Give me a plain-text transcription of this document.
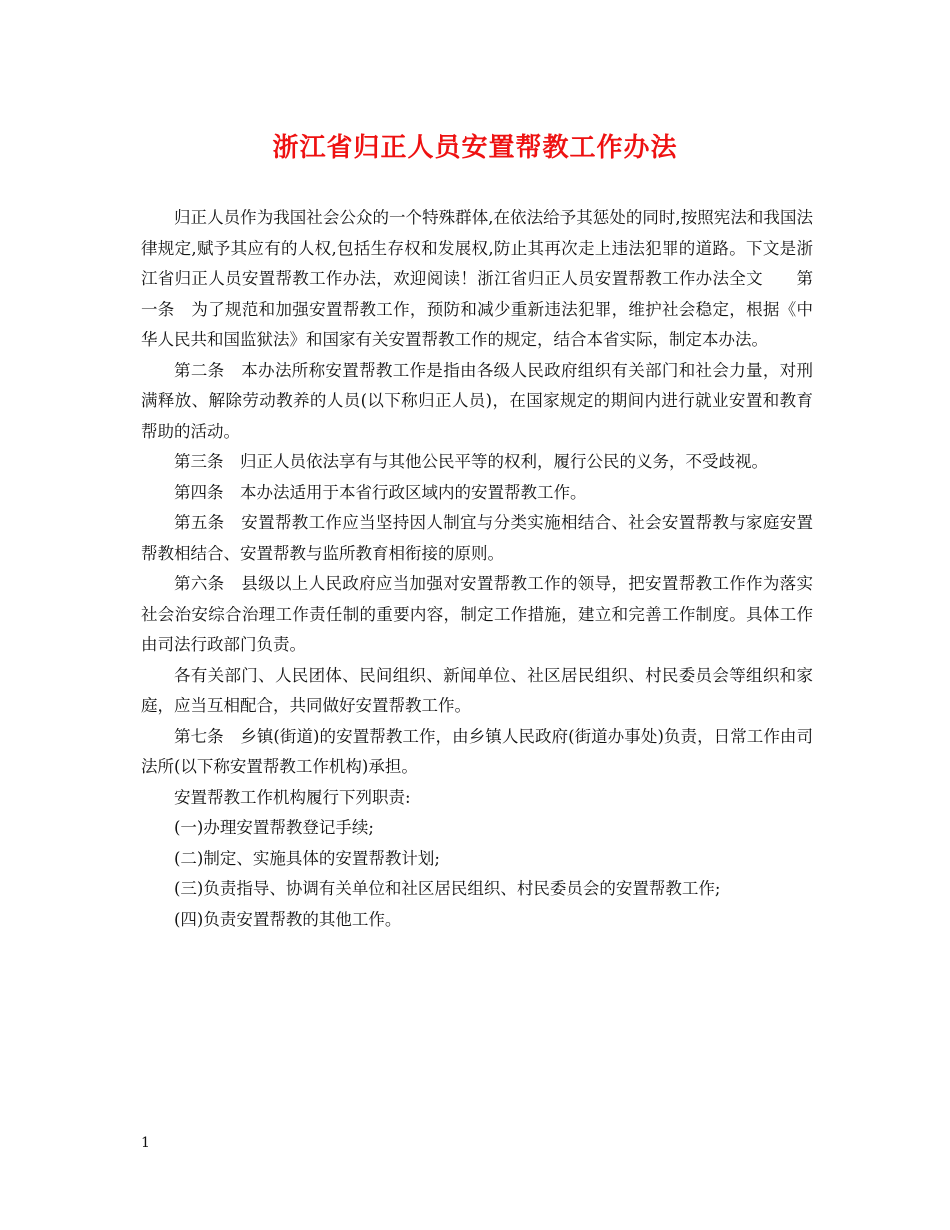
浙江省归正人员安置帮教工作办法

归正人员作为我国社会公众的一个特殊群体,在依法给予其惩处的同时,按照宪法和我国法律规定,赋予其应有的人权,包括生存权和发展权,防止其再次走上违法犯罪的道路。下文是浙江省归正人员安置帮教工作办法，欢迎阅读！浙江省归正人员安置帮教工作办法全文　　第一条　为了规范和加强安置帮教工作，预防和减少重新违法犯罪，维护社会稳定，根据《中华人民共和国监狱法》和国家有关安置帮教工作的规定，结合本省实际，制定本办法。

第二条　本办法所称安置帮教工作是指由各级人民政府组织有关部门和社会力量，对刑满释放、解除劳动教养的人员(以下称归正人员)，在国家规定的期间内进行就业安置和教育帮助的活动。

第三条　归正人员依法享有与其他公民平等的权利，履行公民的义务，不受歧视。

第四条　本办法适用于本省行政区域内的安置帮教工作。

第五条　安置帮教工作应当坚持因人制宜与分类实施相结合、社会安置帮教与家庭安置帮教相结合、安置帮教与监所教育相衔接的原则。

第六条　县级以上人民政府应当加强对安置帮教工作的领导，把安置帮教工作作为落实社会治安综合治理工作责任制的重要内容，制定工作措施，建立和完善工作制度。具体工作由司法行政部门负责。

各有关部门、人民团体、民间组织、新闻单位、社区居民组织、村民委员会等组织和家庭，应当互相配合，共同做好安置帮教工作。

第七条　乡镇(街道)的安置帮教工作，由乡镇人民政府(街道办事处)负责，日常工作由司法所(以下称安置帮教工作机构)承担。

安置帮教工作机构履行下列职责:

(一)办理安置帮教登记手续;

(二)制定、实施具体的安置帮教计划;

(三)负责指导、协调有关单位和社区居民组织、村民委员会的安置帮教工作;

(四)负责安置帮教的其他工作。

1
